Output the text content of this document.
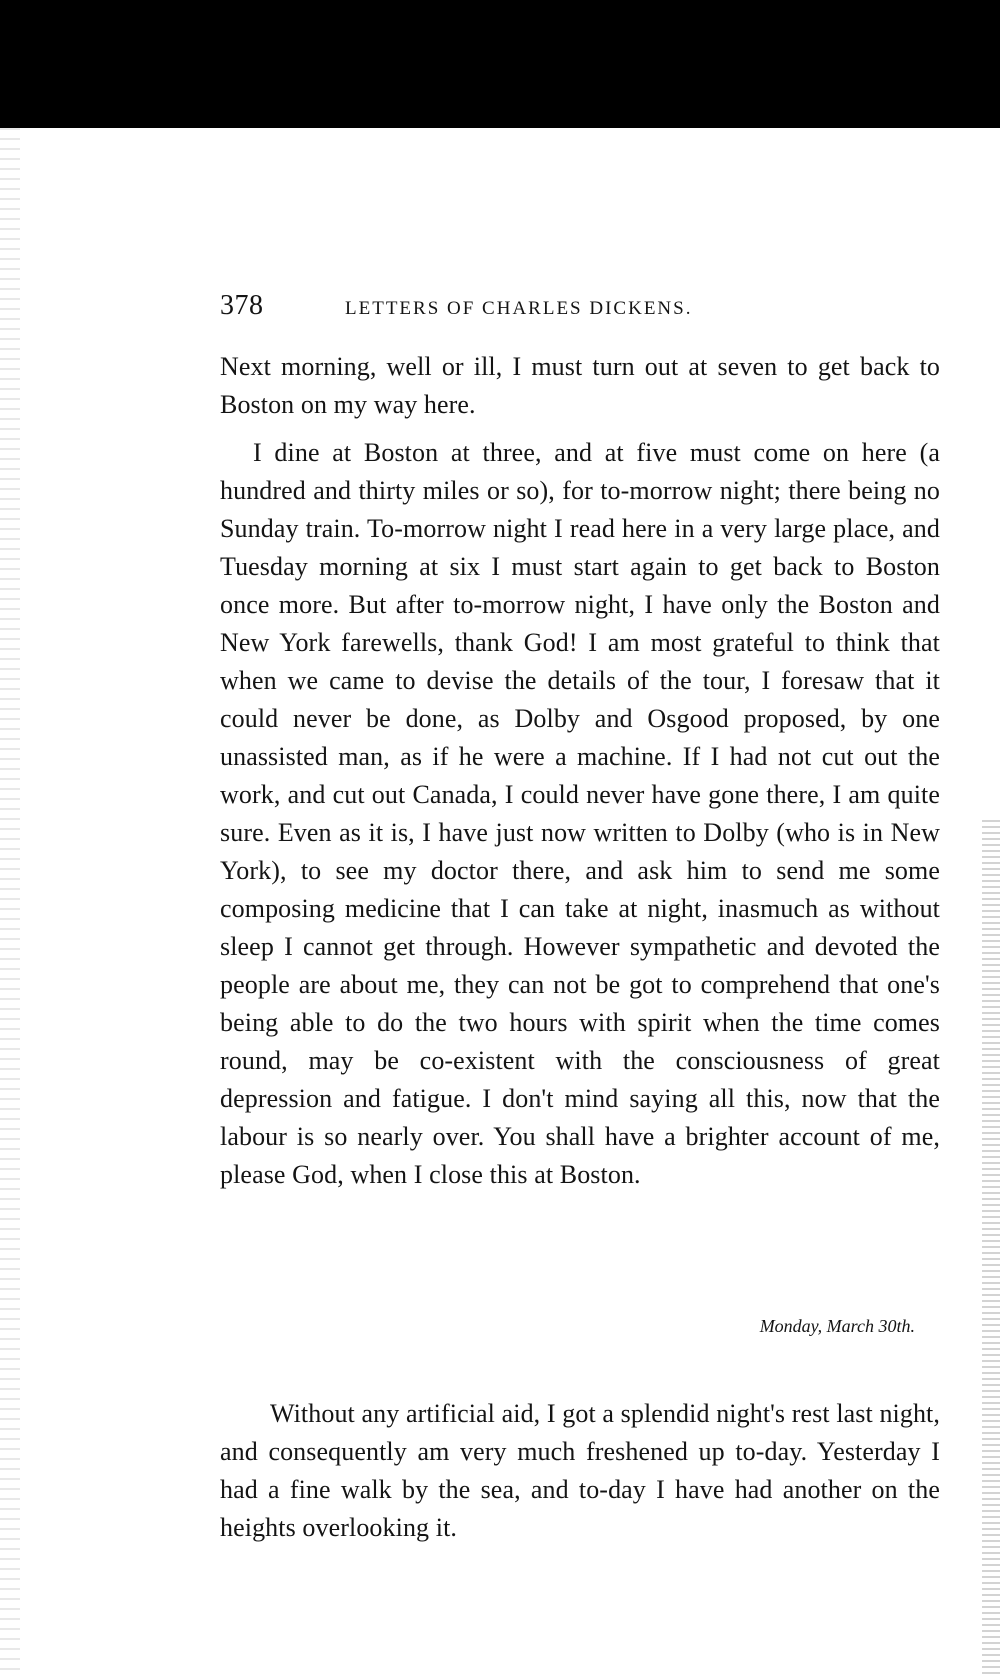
378	LETTERS OF CHARLES DICKENS.

Next morning, well or ill, I must turn out at seven to get back to Boston on my way here.

I dine at Boston at three, and at five must come on here (a hundred and thirty miles or so), for to-morrow night; there being no Sunday train. To-morrow night I read here in a very large place, and Tuesday morning at six I must start again to get back to Boston once more. But after to-morrow night, I have only the Boston and New York farewells, thank God! I am most grateful to think that when we came to devise the details of the tour, I foresaw that it could never be done, as Dolby and Osgood proposed, by one unassisted man, as if he were a machine. If I had not cut out the work, and cut out Canada, I could never have gone there, I am quite sure. Even as it is, I have just now written to Dolby (who is in New York), to see my doctor there, and ask him to send me some composing medicine that I can take at night, inasmuch as without sleep I cannot get through. However sympathetic and devoted the people are about me, they can not be got to comprehend that one's being able to do the two hours with spirit when the time comes round, may be co-existent with the consciousness of great depression and fatigue. I don't mind saying all this, now that the labour is so nearly over. You shall have a brighter account of me, please God, when I close this at Boston.

Monday, March 30th.

Without any artificial aid, I got a splendid night's rest last night, and consequently am very much freshened up to-day. Yesterday I had a fine walk by the sea, and to-day I have had another on the heights overlooking it.
